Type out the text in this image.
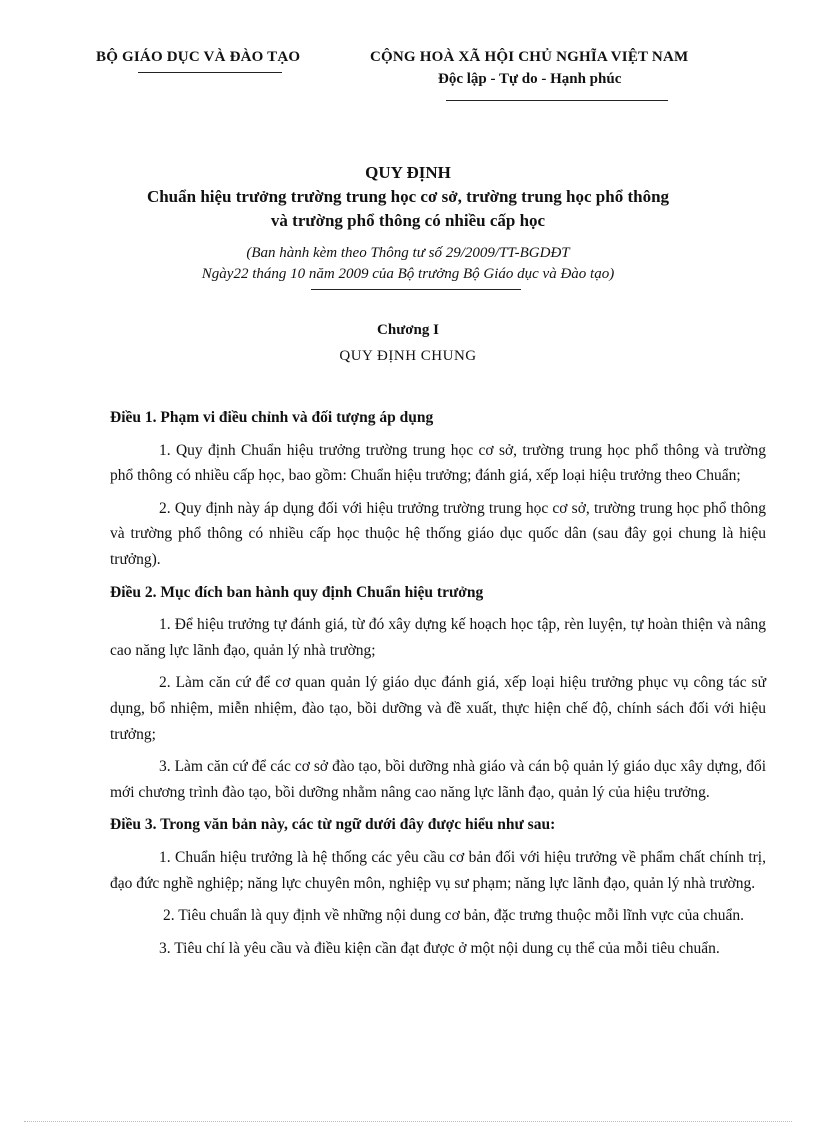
BỘ GIÁO DỤC VÀ ĐÀO TẠO	CỘNG HOÀ XÃ HỘI CHỦ NGHĨA VIỆT NAM
Độc lập - Tự do - Hạnh phúc
QUY ĐỊNH
Chuẩn hiệu trưởng trường trung học cơ sở, trường trung học phổ thông
và trường phổ thông có nhiều cấp học
(Ban hành kèm theo Thông tư số 29/2009/TT-BGDĐT
Ngày22 tháng 10 năm 2009 của Bộ trưởng Bộ Giáo dục và Đào tạo)
Chương I
QUY ĐỊNH CHUNG
Điều 1. Phạm vi điều chỉnh và đối tượng áp dụng

1. Quy định Chuẩn hiệu trưởng trường trung học cơ sở, trường trung học phổ thông và trường phổ thông có nhiều cấp học, bao gồm: Chuẩn hiệu trưởng; đánh giá, xếp loại hiệu trưởng theo Chuẩn;

2. Quy định này áp dụng đối với hiệu trưởng trường trung học cơ sở, trường trung học phổ thông và trường phổ thông có nhiều cấp học thuộc hệ thống giáo dục quốc dân (sau đây gọi chung là hiệu trưởng).

Điều 2. Mục đích ban hành quy định Chuẩn hiệu trưởng

1. Để hiệu trưởng tự đánh giá, từ đó xây dựng kế hoạch học tập, rèn luyện, tự hoàn thiện và nâng cao năng lực lãnh đạo, quản lý nhà trường;

2. Làm căn cứ để cơ quan quản lý giáo dục đánh giá, xếp loại hiệu trưởng phục vụ công tác sử dụng, bổ nhiệm, miễn nhiệm, đào tạo, bồi dưỡng và đề xuất, thực hiện chế độ, chính sách đối với hiệu trưởng;

3. Làm căn cứ để các cơ sở đào tạo, bồi dưỡng nhà giáo và cán bộ quản lý giáo dục xây dựng, đổi mới chương trình đào tạo, bồi dưỡng nhằm nâng cao năng lực lãnh đạo, quản lý của hiệu trưởng.

Điều 3. Trong văn bản này, các từ ngữ dưới đây được hiểu như sau:

1. Chuẩn hiệu trưởng là hệ thống các yêu cầu cơ bản đối với hiệu trưởng về phẩm chất chính trị, đạo đức nghề nghiệp; năng lực chuyên môn, nghiệp vụ sư phạm; năng lực lãnh đạo, quản lý nhà trường.

2. Tiêu chuẩn là quy định về những nội dung cơ bản, đặc trưng thuộc mỗi lĩnh vực của chuẩn.

3. Tiêu chí là yêu cầu và điều kiện cần đạt được ở một nội dung cụ thể của mỗi tiêu chuẩn.
